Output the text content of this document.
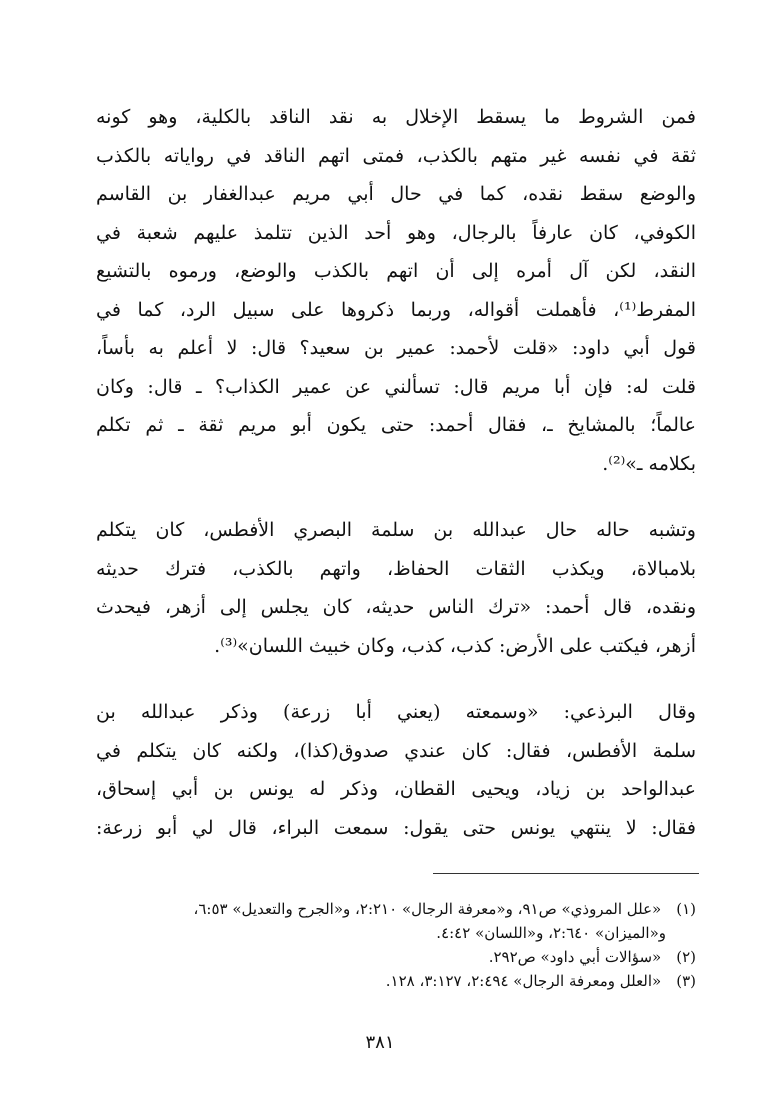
فمن الشروط ما يسقط الإخلال به نقد الناقد بالكلية، وهو كونه
ثقة في نفسه غير متهم بالكذب، فمتى اتهم الناقد في رواياته بالكذب
والوضع سقط نقده، كما في حال أبي مريم عبدالغفار بن القاسم
الكوفي، كان عارفاً بالرجال، وهو أحد الذين تتلمذ عليهم شعبة في
النقد، لكن آل أمره إلى أن اتهم بالكذب والوضع، ورموه بالتشيع
المفرط⁽¹⁾، فأهملت أقواله، وربما ذكروها على سبيل الرد، كما في
قول أبي داود: «قلت لأحمد: عمير بن سعيد؟ قال: لا أعلم به بأساً،
قلت له: فإن أبا مريم قال: تسألني عن عمير الكذاب؟ ـ قال: وكان
عالماً؛ بالمشايخ ـ، فقال أحمد: حتى يكون أبو مريم ثقة ـ ثم تكلم
بكلامه ـ»⁽²⁾.
وتشبه حاله حال عبدالله بن سلمة البصري الأفطس، كان يتكلم
بلامبالاة، ويكذب الثقات الحفاظ، واتهم بالكذب، فترك حديثه
ونقده، قال أحمد: «ترك الناس حديثه، كان يجلس إلى أزهر، فيحدث
أزهر، فيكتب على الأرض: كذب، كذب، وكان خبيث اللسان»⁽³⁾.
وقال البرذعي: «وسمعته (يعني أبا زرعة) وذكر عبدالله بن
سلمة الأفطس، فقال: كان عندي صدوق(كذا)، ولكنه كان يتكلم في
عبدالواحد بن زياد، ويحيى القطان، وذكر له يونس بن أبي إسحاق،
فقال: لا ينتهي يونس حتى يقول: سمعت البراء، قال لي أبو زرعة:
(١) «علل المروذي» ص٩١، و«معرفة الرجال» ٢:٢١٠، و«الجرح والتعديل» ٦:٥٣،
و«الميزان» ٢:٦٤٠، و«اللسان» ٤:٤٢.
(٢) «سؤالات أبي داود» ص٢٩٢.
(٣) «العلل ومعرفة الرجال» ٢:٤٩٤، ٣:١٢٧، ١٢٨.
٣٨١
